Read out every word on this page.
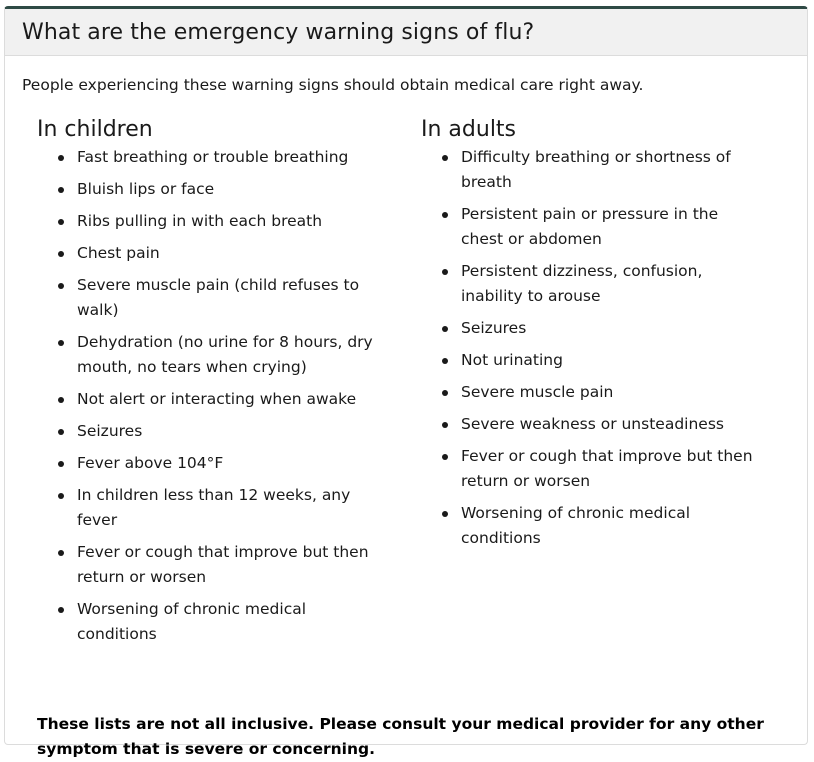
What are the emergency warning signs of flu?

People experiencing these warning signs should obtain medical care right away.

In children
Fast breathing or trouble breathing
Bluish lips or face
Ribs pulling in with each breath
Chest pain
Severe muscle pain (child refuses to walk)
Dehydration (no urine for 8 hours, dry mouth, no tears when crying)
Not alert or interacting when awake
Seizures
Fever above 104°F
In children less than 12 weeks, any fever
Fever or cough that improve but then return or worsen
Worsening of chronic medical conditions
In adults
Difficulty breathing or shortness of breath
Persistent pain or pressure in the chest or abdomen
Persistent dizziness, confusion, inability to arouse
Seizures
Not urinating
Severe muscle pain
Severe weakness or unsteadiness
Fever or cough that improve but then return or worsen
Worsening of chronic medical conditions

These lists are not all inclusive. Please consult your medical provider for any other symptom that is severe or concerning.
